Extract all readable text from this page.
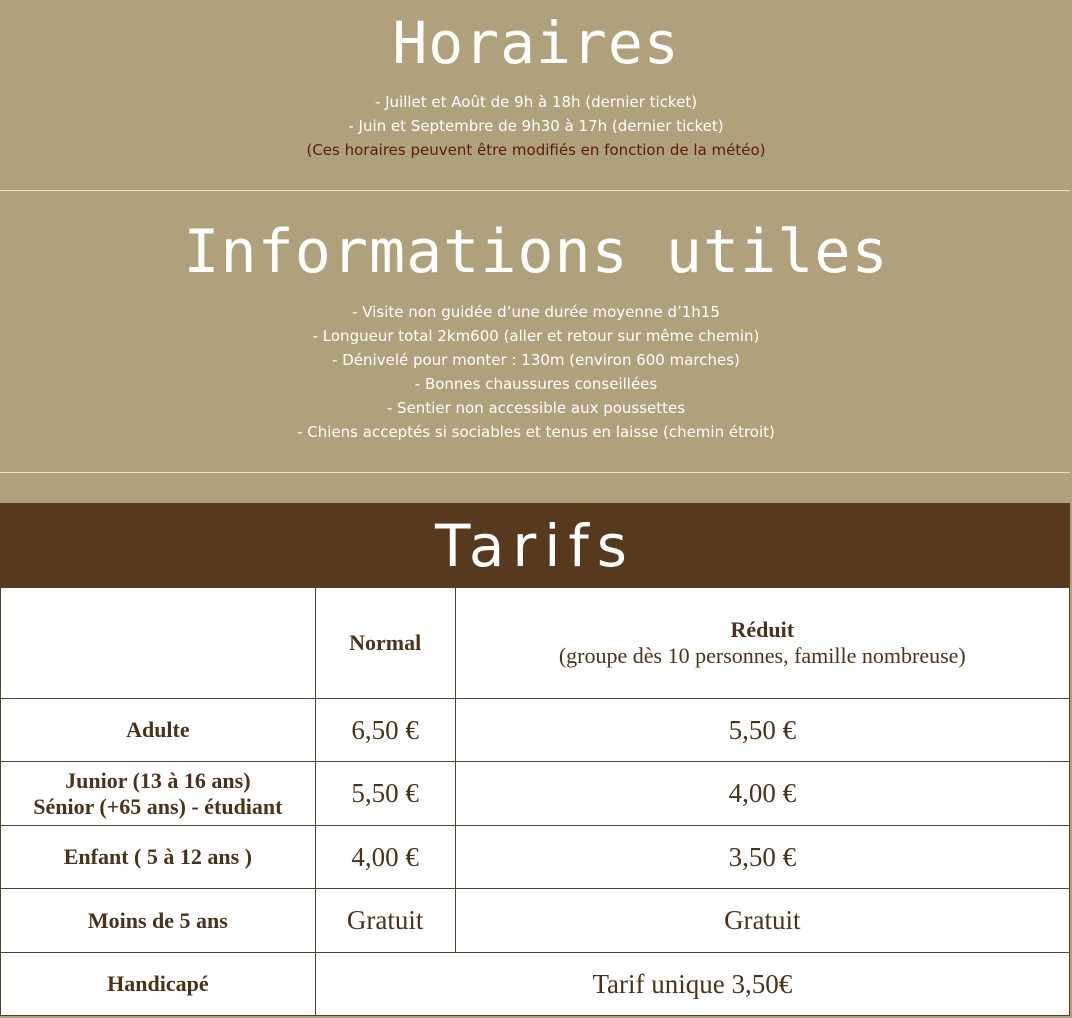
Horaires
- Juillet et Août de 9h à 18h (dernier ticket)
- Juin et Septembre de 9h30 à 17h (dernier ticket)
(Ces horaires peuvent être modifiés en fonction de la météo)
Informations utiles
- Visite non guidée d’une durée moyenne d’1h15
- Longueur total 2km600 (aller et retour sur même chemin)
- Dénivelé pour monter : 130m (environ 600 marches)
- Bonnes chaussures conseillées
- Sentier non accessible aux poussettes
- Chiens acceptés si sociables et tenus en laisse (chemin étroit)
Tarifs
	Normal	Réduit
(groupe dès 10 personnes, famille nombreuse)

Adulte	6,50 €	5,50 €

Junior (13 à 16 ans)
Sénior (+65 ans) - étudiant	5,50 €	4,00 €
Enfant ( 5 à 12 ans )	4,00 €	3,50 €
Moins de 5 ans	Gratuit	Gratuit
Handicapé	Tarif unique 3,50€	
